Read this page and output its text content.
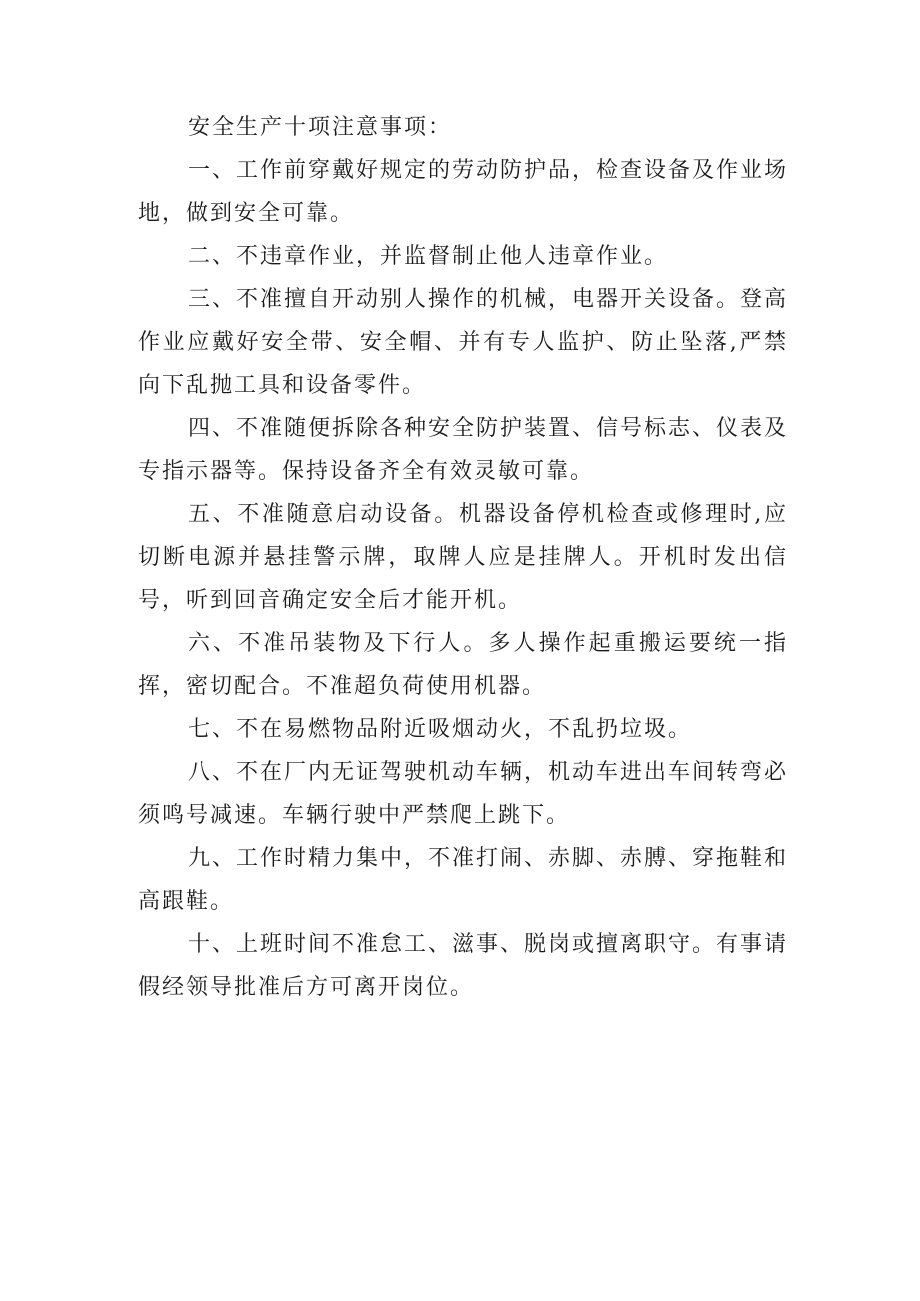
安全生产十项注意事项：

一、工作前穿戴好规定的劳动防护品，检查设备及作业场地，做到安全可靠。

二、不违章作业，并监督制止他人违章作业。

三、不准擅自开动别人操作的机械，电器开关设备。登高作业应戴好安全带、安全帽、并有专人监护、防止坠落,严禁向下乱抛工具和设备零件。

四、不准随便拆除各种安全防护装置、信号标志、仪表及专指示器等。保持设备齐全有效灵敏可靠。

五、不准随意启动设备。机器设备停机检查或修理时,应切断电源并悬挂警示牌，取牌人应是挂牌人。开机时发出信号，听到回音确定安全后才能开机。

六、不准吊装物及下行人。多人操作起重搬运要统一指挥，密切配合。不准超负荷使用机器。

七、不在易燃物品附近吸烟动火，不乱扔垃圾。

八、不在厂内无证驾驶机动车辆，机动车进出车间转弯必须鸣号减速。车辆行驶中严禁爬上跳下。

九、工作时精力集中，不准打闹、赤脚、赤膊、穿拖鞋和高跟鞋。

十、上班时间不准怠工、滋事、脱岗或擅离职守。有事请假经领导批准后方可离开岗位。
